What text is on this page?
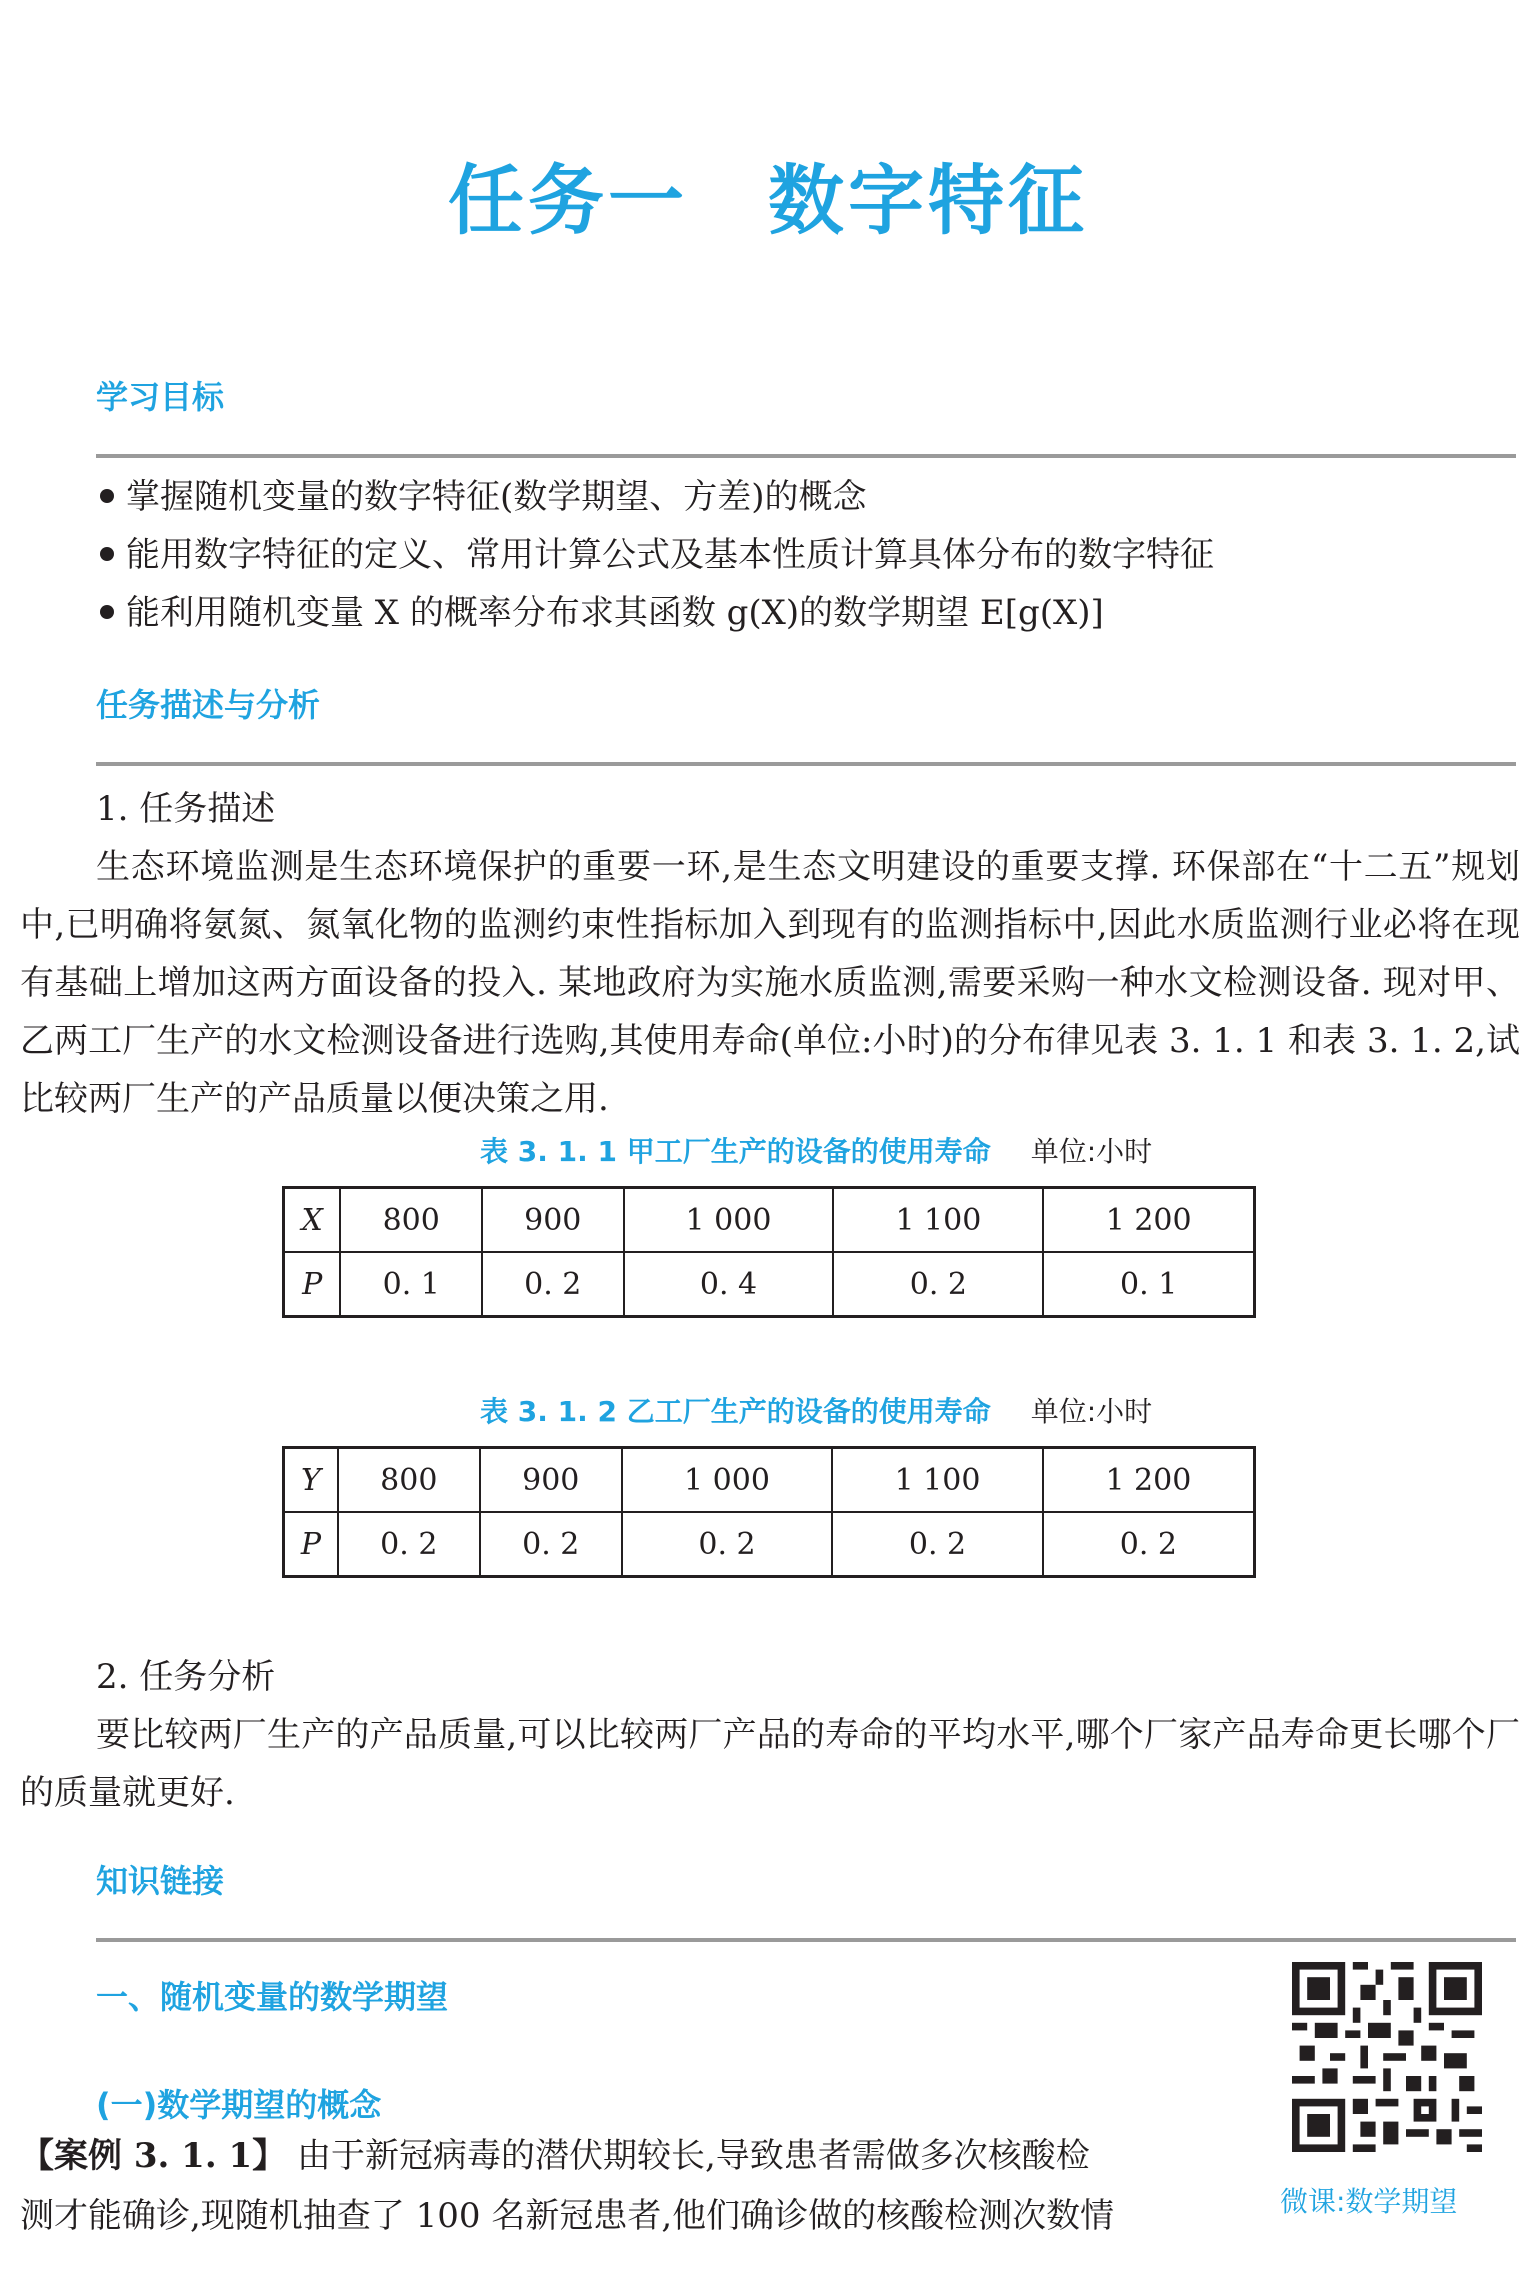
任务一 数字特征
学习目标
掌握随机变量的数字特征(数学期望、方差)的概念
能用数字特征的定义、常用计算公式及基本性质计算具体分布的数字特征
能利用随机变量 X 的概率分布求其函数 g(X)的数学期望 E[g(X)]
任务描述与分析

1. 任务描述

生态环境监测是生态环境保护的重要一环,是生态文明建设的重要支撑. 环保部在“十二五”规划中,已明确将氨氮、氮氧化物的监测约束性指标加入到现有的监测指标中,因此水质监测行业必将在现有基础上增加这两方面设备的投入. 某地政府为实施水质监测,需要采购一种水文检测设备. 现对甲、乙两工厂生产的水文检测设备进行选购,其使用寿命(单位:小时)的分布律见表 3. 1. 1 和表 3. 1. 2,试比较两厂生产的产品质量以便决策之用.

表 3. 1. 1 甲工厂生产的设备的使用寿命 单位:小时
X	800	900	1 000	1 100	1 200
P	0. 1	0. 2	0. 4	0. 2	0. 1
表 3. 1. 2 乙工厂生产的设备的使用寿命 单位:小时
Y	800	900	1 000	1 100	1 200
P	0. 2	0. 2	0. 2	0. 2	0. 2

2. 任务分析

要比较两厂生产的产品质量,可以比较两厂产品的寿命的平均水平,哪个厂家产品寿命更长哪个厂的质量就更好.

知识链接
一、随机变量的数学期望
(一)数学期望的概念
微课:数学期望
【案例 3. 1. 1】 由于新冠病毒的潜伏期较长,导致患者需做多次核酸检
测才能确诊,现随机抽查了 100 名新冠患者,他们确诊做的核酸检测次数情
